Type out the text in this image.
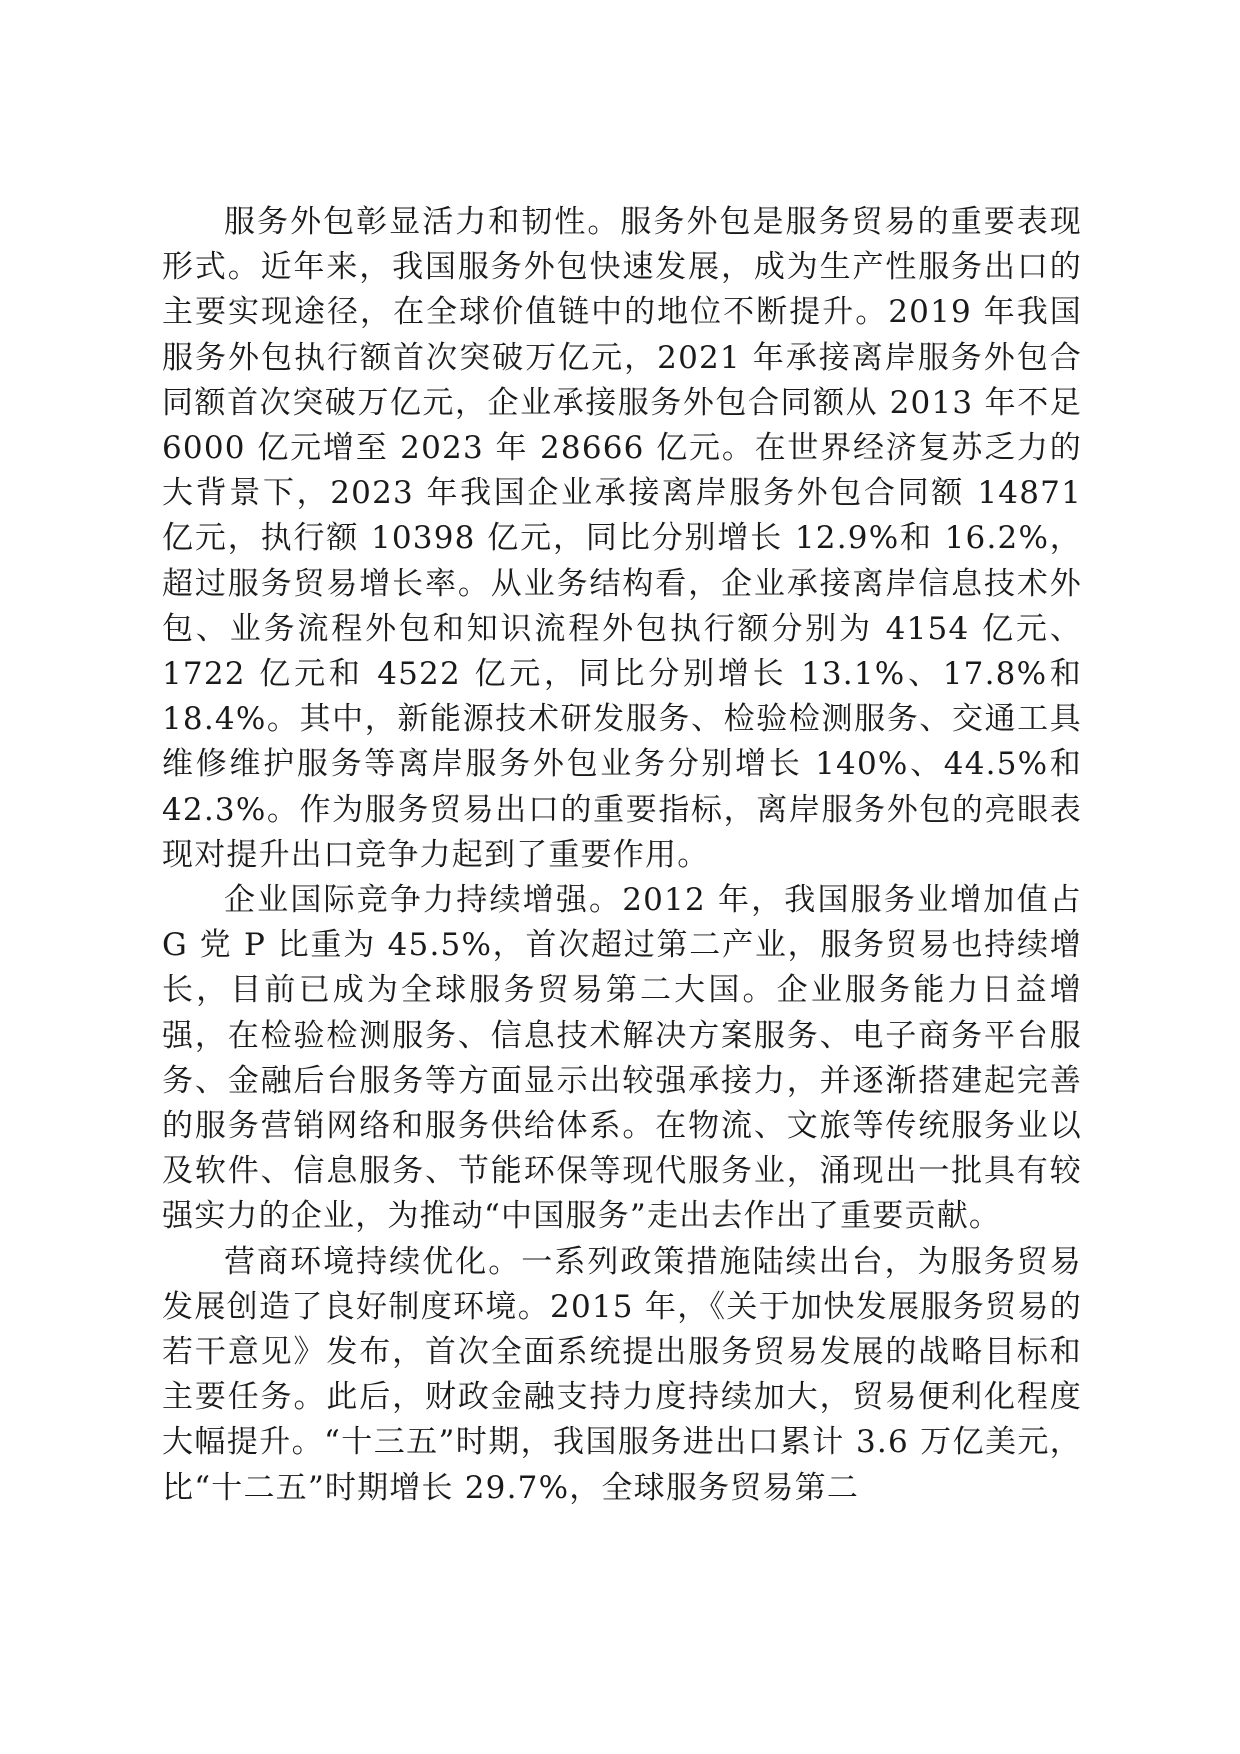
服务外包彰显活力和韧性。服务外包是服务贸易的重要表现形式。近年来，我国服务外包快速发展，成为生产性服务出口的主要实现途径，在全球价值链中的地位不断提升。2019 年我国服务外包执行额首次突破万亿元，2021 年承接离岸服务外包合同额首次突破万亿元，企业承接服务外包合同额从 2013 年不足 6000 亿元增至 2023 年 28666 亿元。在世界经济复苏乏力的大背景下，2023 年我国企业承接离岸服务外包合同额 14871 亿元，执行额 10398 亿元，同比分别增长 12.9%和 16.2%，超过服务贸易增长率。从业务结构看，企业承接离岸信息技术外包、业务流程外包和知识流程外包执行额分别为 4154 亿元、1722 亿元和 4522 亿元，同比分别增长 13.1%、17.8%和 18.4%。其中，新能源技术研发服务、检验检测服务、交通工具维修维护服务等离岸服务外包业务分别增长 140%、44.5%和 42.3%。作为服务贸易出口的重要指标，离岸服务外包的亮眼表现对提升出口竞争力起到了重要作用。

企业国际竞争力持续增强。2012 年，我国服务业增加值占 G 党 P 比重为 45.5%，首次超过第二产业，服务贸易也持续增长，目前已成为全球服务贸易第二大国。企业服务能力日益增强，在检验检测服务、信息技术解决方案服务、电子商务平台服务、金融后台服务等方面显示出较强承接力，并逐渐搭建起完善的服务营销网络和服务供给体系。在物流、文旅等传统服务业以及软件、信息服务、节能环保等现代服务业，涌现出一批具有较强实力的企业，为推动“中国服务”走出去作出了重要贡献。

营商环境持续优化。一系列政策措施陆续出台，为服务贸易发展创造了良好制度环境。2015 年，《关于加快发展服务贸易的若干意见》发布，首次全面系统提出服务贸易发展的战略目标和主要任务。此后，财政金融支持力度持续加大，贸易便利化程度大幅提升。“十三五”时期，我国服务进出口累计 3.6 万亿美元，比“十二五”时期增长 29.7%，全球服务贸易第二
